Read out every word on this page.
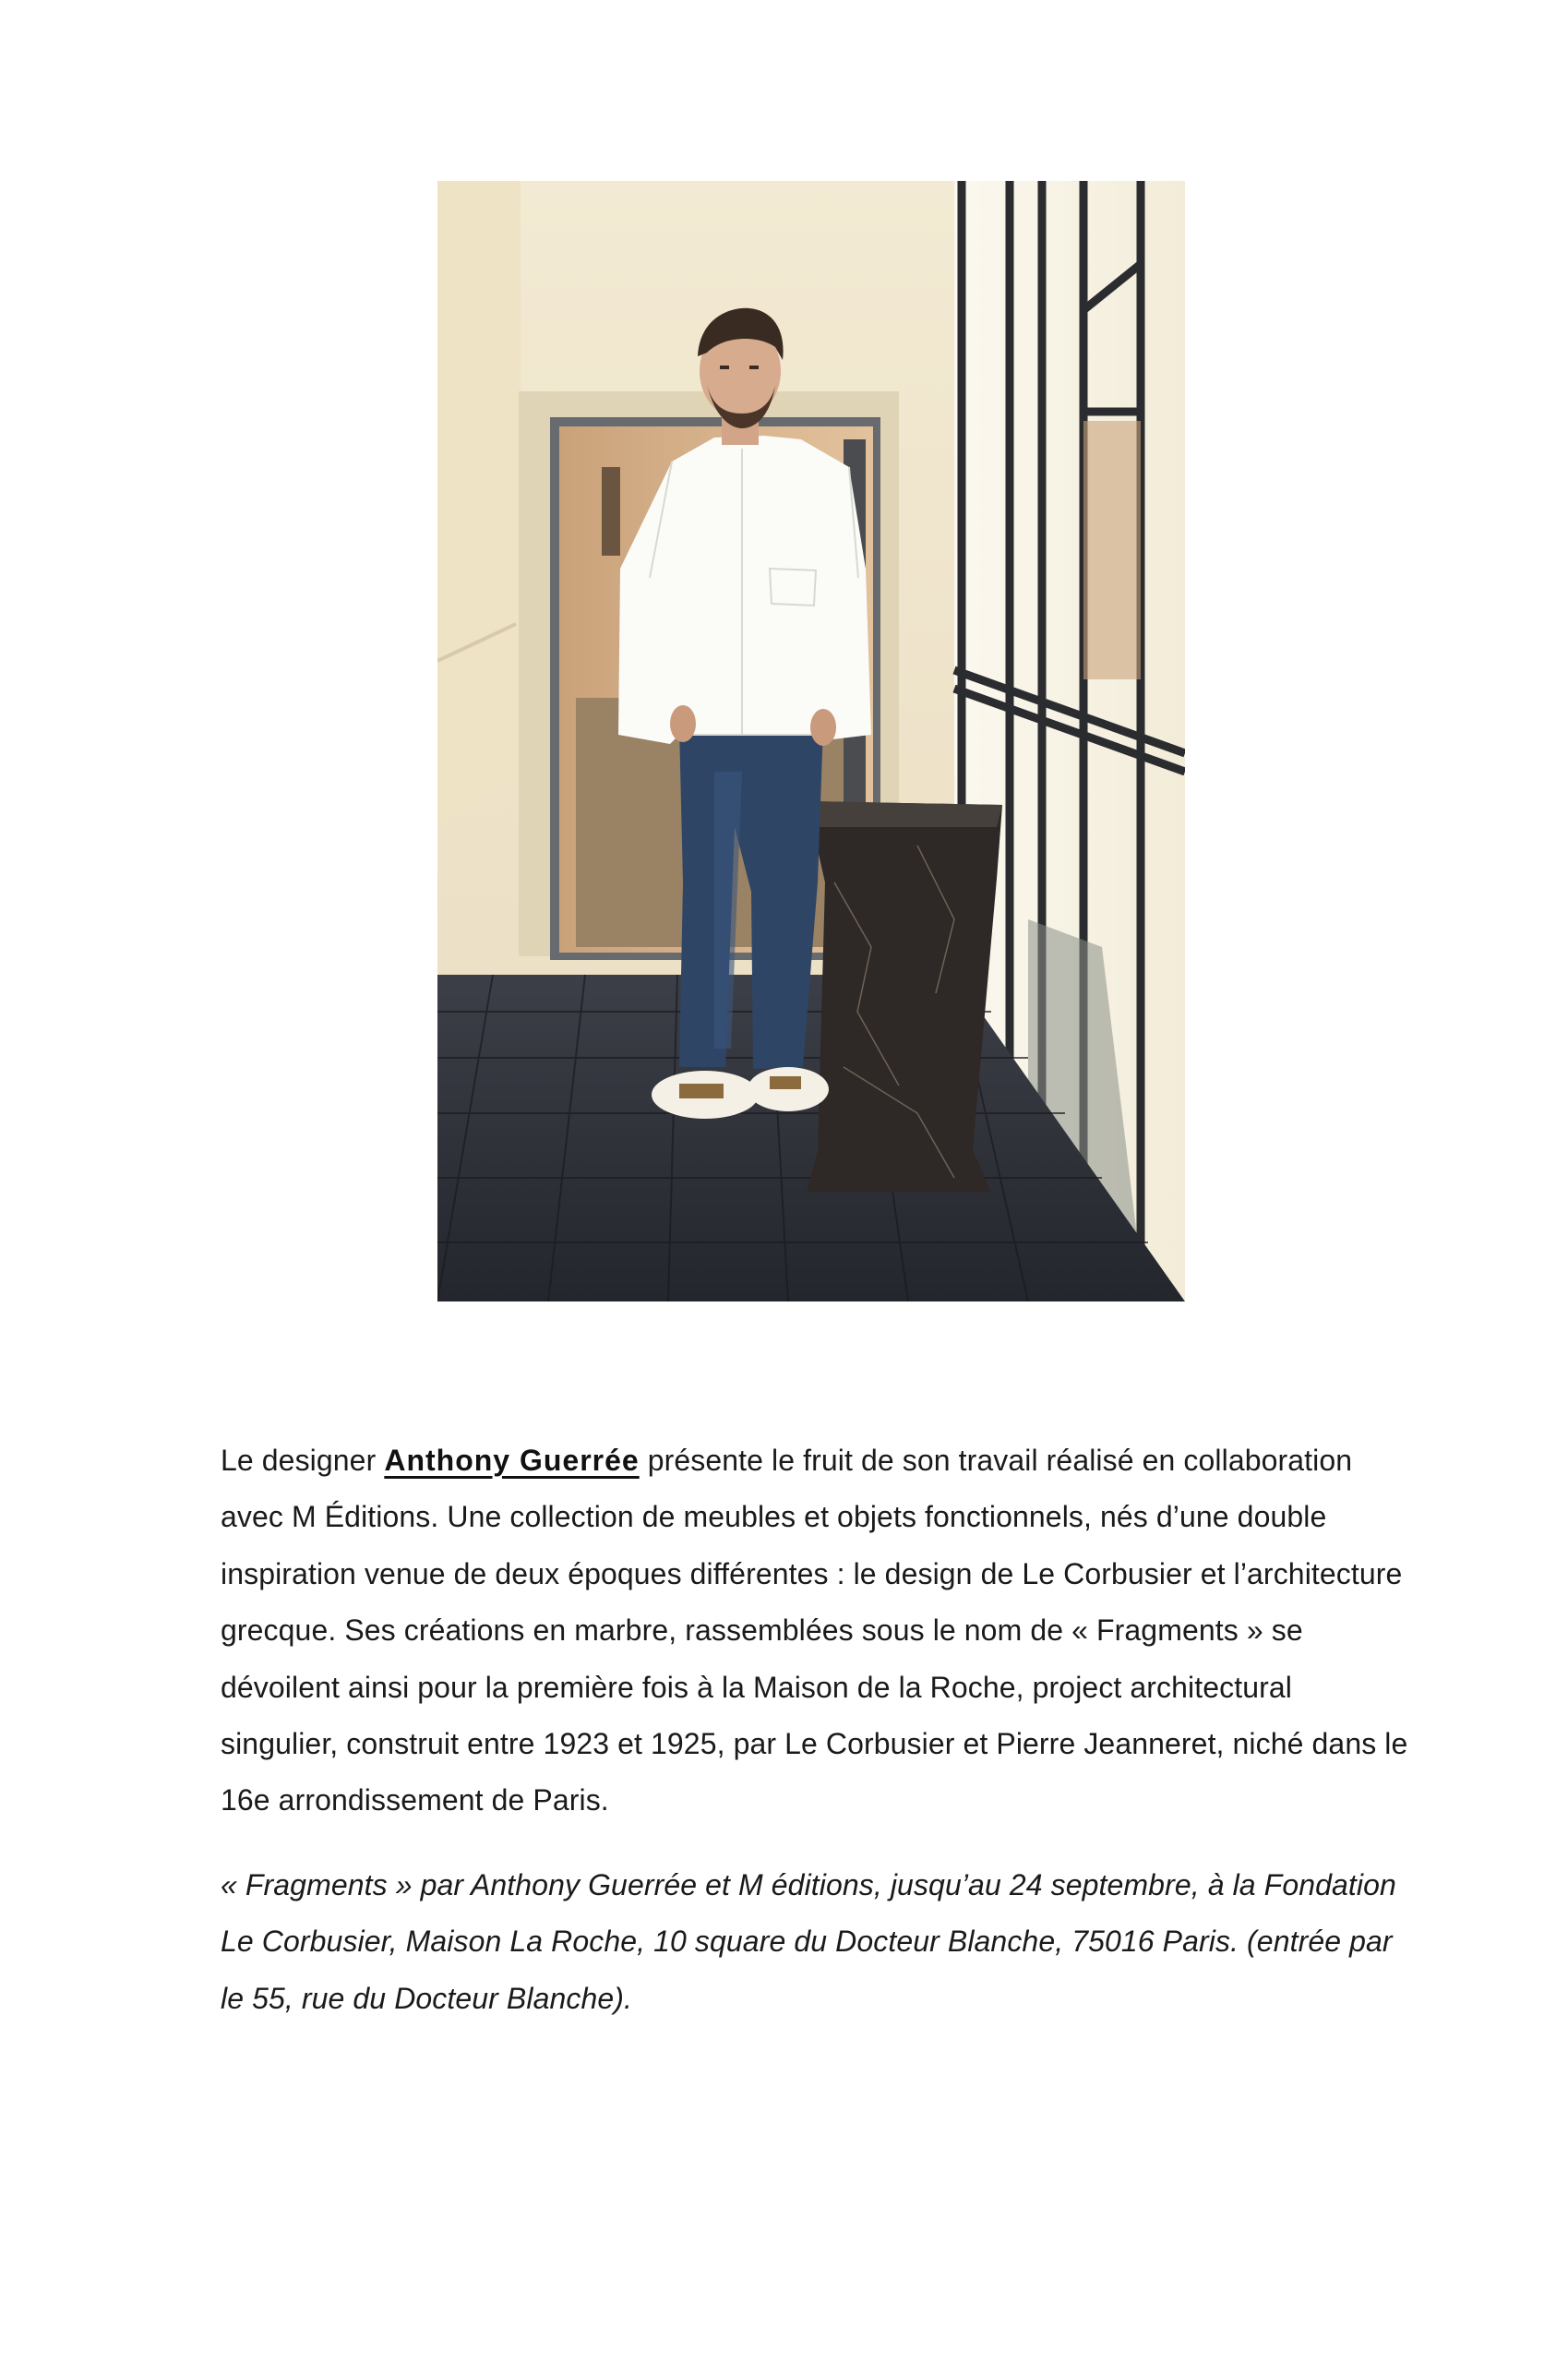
Le designer Anthony Guerrée présente le fruit de son travail réalisé en collaboration avec M Éditions. Une collection de meubles et objets fonctionnels, nés d’une double inspiration venue de deux époques différentes : le design de Le Corbusier et l’architecture grecque. Ses créations en marbre, rassemblées sous le nom de « Fragments » se dévoilent ainsi pour la première fois à la Maison de la Roche, project architectural singulier, construit entre 1923 et 1925, par Le Corbusier et Pierre Jeanneret, niché dans le 16e arrondissement de Paris.

« Fragments » par Anthony Guerrée et M éditions, jusqu’au 24 septembre, à la Fondation Le Corbusier, Maison La Roche, 10 square du Docteur Blanche, 75016 Paris. (entrée par le 55, rue du Docteur Blanche).
